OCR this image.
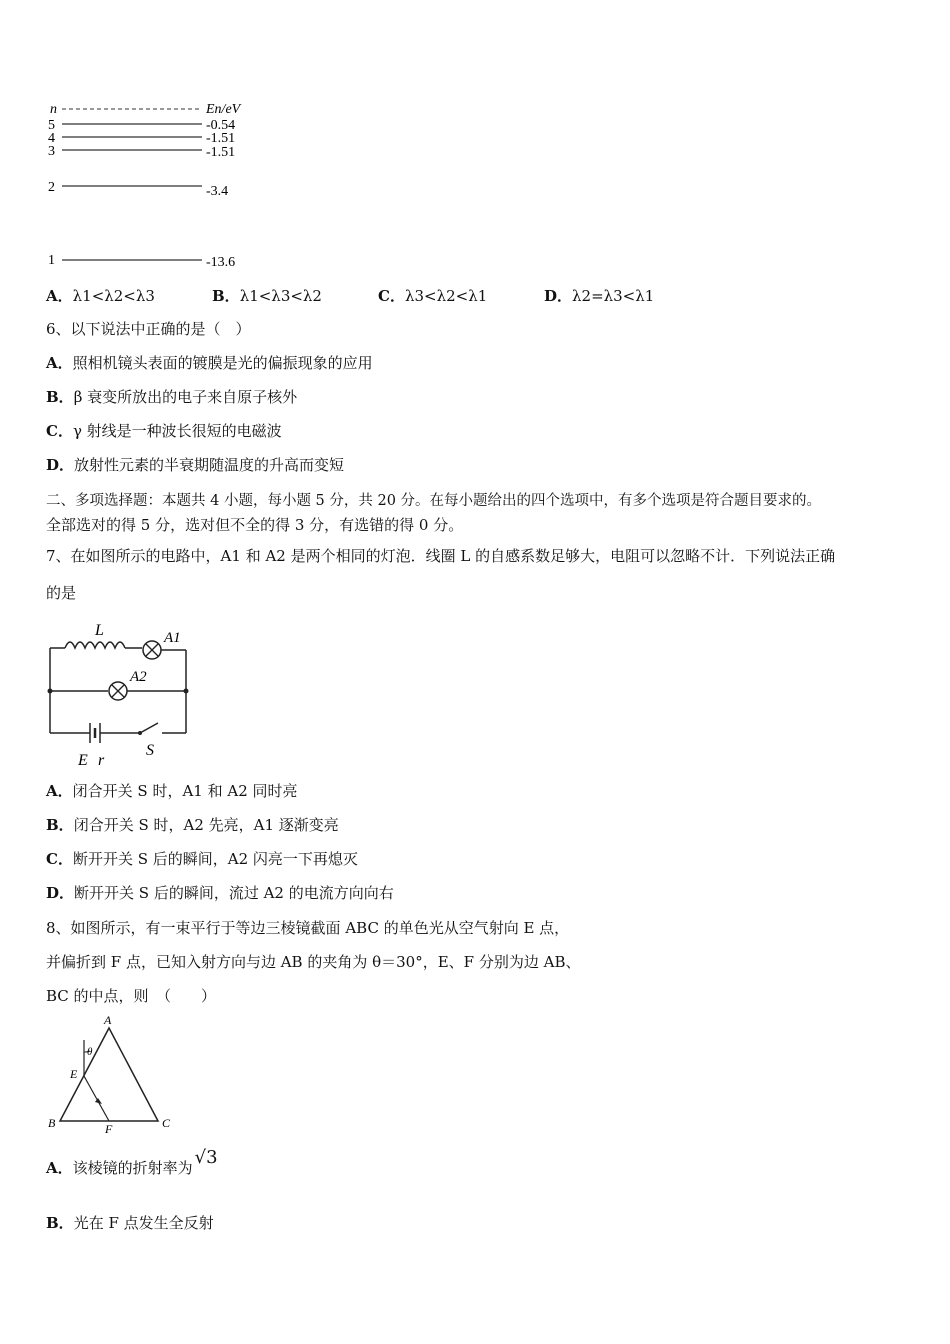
n	En/eV
5	-0.54
4	-1.51
3	-1.51
2	-3.4
1	-13.6
A．λ1<λ2<λ3	B．λ1<λ3<λ2	C．λ3<λ2<λ1	D．λ2=λ3<λ1
6、以下说法中正确的是（　）
A．照相机镜头表面的镀膜是光的偏振现象的应用
B．β 衰变所放出的电子来自原子核外
C．γ 射线是一种波长很短的电磁波
D．放射性元素的半衰期随温度的升高而变短
二、多项选择题：本题共 4 小题，每小题 5 分，共 20 分。在每小题给出的四个选项中，有多个选项是符合题目要求的。
全部选对的得 5 分，选对但不全的得 3 分，有选错的得 0 分。
7、在如图所示的电路中，A1 和 A2 是两个相同的灯泡．线圈 L 的自感系数足够大，电阻可以忽略不计．下列说法正确
的是
L	A1
A2
E r
S
A．闭合开关 S 时，A1 和 A2 同时亮
B．闭合开关 S 时，A2 先亮，A1 逐渐变亮
C．断开开关 S 后的瞬间，A2 闪亮一下再熄灭
D．断开开关 S 后的瞬间，流过 A2 的电流方向向右
8、如图所示，有一束平行于等边三棱镜截面 ABC 的单色光从空气射向 E 点，
并偏折到 F 点，已知入射方向与边 AB 的夹角为 θ＝30°，E、F 分别为边 AB、
BC 的中点，则　（　　）
A
B	C
E
F
θ
A．该棱镜的折射率为 √3
B．光在 F 点发生全反射
